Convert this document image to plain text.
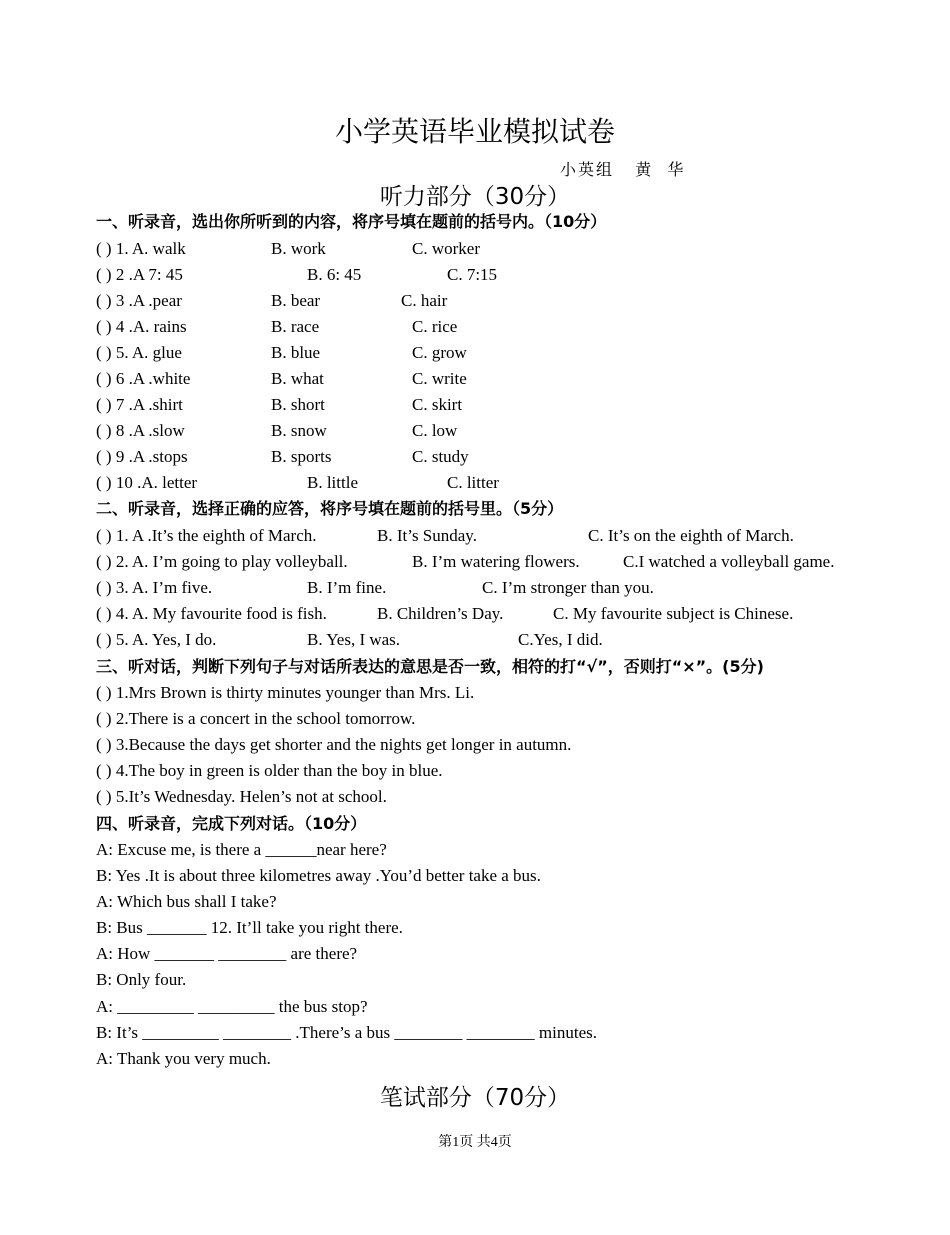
小学英语毕业模拟试卷
小英组   黄  华
听力部分（30分）
一、听录音，选出你所听到的内容，将序号填在题前的括号内。（10分）
( ) 1. A. walk	B. work	C. worker
( ) 2 .A 7: 45	B. 6: 45	C. 7:15
( ) 3 .A .pear	B. bear	C. hair
( ) 4 .A. rains	B. race	C. rice
( ) 5. A. glue	B. blue	C. grow
( ) 6 .A .white	B. what	C. write
( ) 7 .A .shirt	B. short	C. skirt
( ) 8 .A .slow	B. snow	C. low
( ) 9 .A .stops	B. sports	C. study
( ) 10 .A. letter	B. little	C. litter
二、听录音，选择正确的应答，将序号填在题前的括号里。（5分）
( ) 1. A .It’s the eighth of March.	B. It’s Sunday.	C. It’s on the eighth of March.
( ) 2. A. I’m going to play volleyball.	B. I’m watering flowers.	C.I watched a volleyball game.
( ) 3. A. I’m five.	B. I’m fine.	C. I’m stronger than you.
( ) 4. A. My favourite food is fish.	B. Children’s Day.	C. My favourite subject is Chinese.
( ) 5. A. Yes, I do.	B. Yes, I was.	C.Yes, I did.
三、听对话，判断下列句子与对话所表达的意思是否一致，相符的打“√”，否则打“×”。(5分)
( ) 1.Mrs Brown is thirty minutes younger than Mrs. Li.
( ) 2.There is a concert in the school tomorrow.
( ) 3.Because the days get shorter and the nights get longer in autumn.
( ) 4.The boy in green is older than the boy in blue.
( ) 5.It’s Wednesday. Helen’s not at school.
四、听录音，完成下列对话。（10分）
A: Excuse me, is there a ______near here?
B: Yes .It is about three kilometres away .You’d better take a bus.
A: Which bus shall I take?
B: Bus _______ 12. It’ll take you right there.
A: How _______ ________ are there?
B: Only four.
A: _________ _________ the bus stop?
B: It’s _________ ________ .There’s a bus ________ ________ minutes.
A: Thank you very much.
笔试部分（70分）
第1页 共4页
